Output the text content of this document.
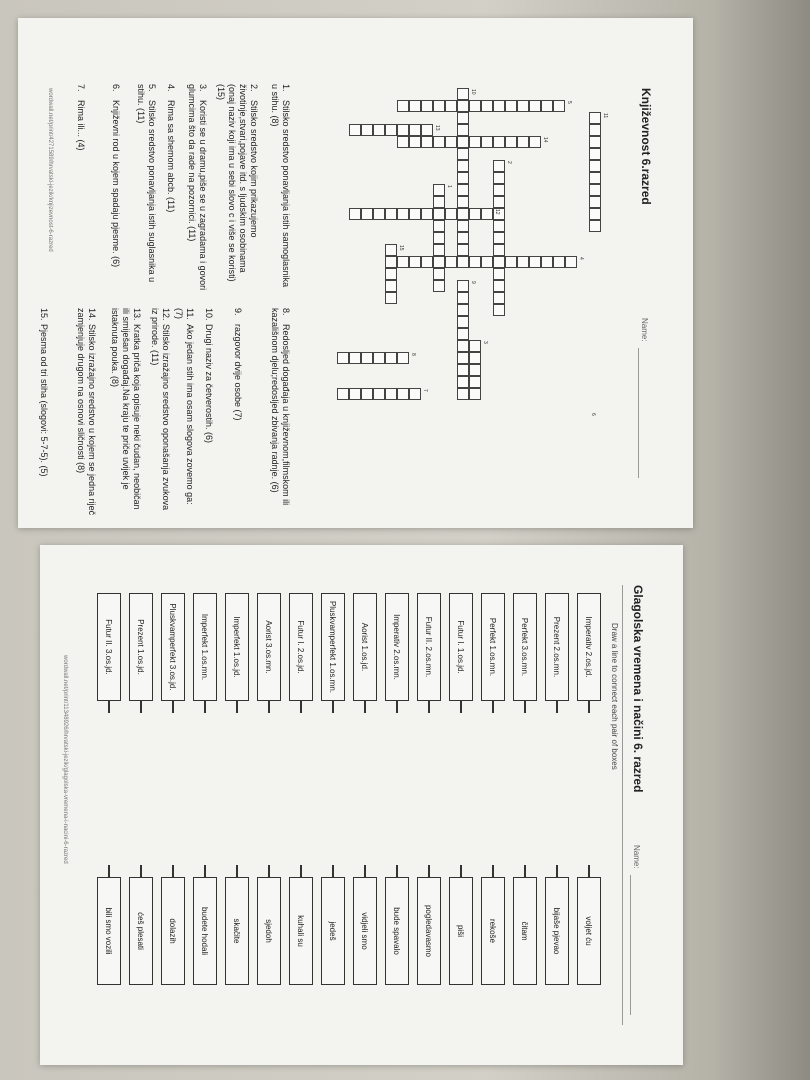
Književnost 6.razred
Name:
11
14
2
5
10
12
4
9
3
8
7
6
13
15
1
1.Stilsko sredstvo ponavljanja istih samoglasnika u stihu. (8)
2.Stilsko sredstvo kojim prikazujemo životinje,stvari,pojave itd. s ljudskim osobinama (onaj naziv koji ima u sebi slovo c i više se koristi) (15)
3.Koristi se u dramu,piše se u zagradama i govori glumcima što da rade na pozornici. (11)
4.Rima sa shemom abcb. (11)
5.Stilsko sredstvo ponavljanja istih suglasnika u stihu. (11)
6.Književni rod u kojem spadaju pjesme. (6)
7.Rima ili... (4)
8.Redosljed događaja u književnom,filmskom ili kazališnom djelu;redosljed zbivanja radnje. (6)
9.razgovor dvije osobe (7)
10.Drugi naziv za četverostih. (6)
11.Ako jedan stih ima osam slogova zovemo ga: (7)
12.Stilsko izražajno sredstvo oponašanja zvukova iz prirode. (11)
13.Kratka priča koja opisuje neki čudan, neobičan ili smiješan događaj.Na kraju te priče uvijek je istaknuta pouka. (8)
14.Stilsko izražajno sredstvo u kojem se jedna riječ zamjenjuje drugom na osnovi sličnosti (8)
15.Pjesma od tri stiha (slogovi: 5-7-5). (5)
wordwall.net/print/4271589/hrvatski-jezik/knjizevnost-6-razred
Glagolska vremena i načini 6. razred
Name:
Draw a line to connect each pair of boxes
Imperativ 2.os.jd.
voljet ću
Prezent 2.os.mn.
bijaše pjevao
Perfekt 3.os.mn.
čitam
Perfekt 1.os.mn.
rekoše
Futur I. 1.os.jd.
piši
Futur II. 2.os.mn.
pogledavasmo
Imperativ 2.os.mn.
bude spavalo
Aorist 1.os.jd.
vidjeli smo
Pluskvamperfekt 1.os.mn.
jedeš
Futur I. 2.os.jd.
kuhali su
Aorist 3.os.mn.
sjedoh
Imperfekt 1.os.jd.
skačite
Imperfekt 1.os.mn.
budete hodali
Pluskvamperfekt 3.os.jd.
dolazih
Prezent 1.os.jd.
ćeš plesati
Futur II. 3.os.jd.
bili smo vozili
wordwall.net/print/11348926/hrvatski-jezik/glagolska-vremena-i-nacini-6-razred
